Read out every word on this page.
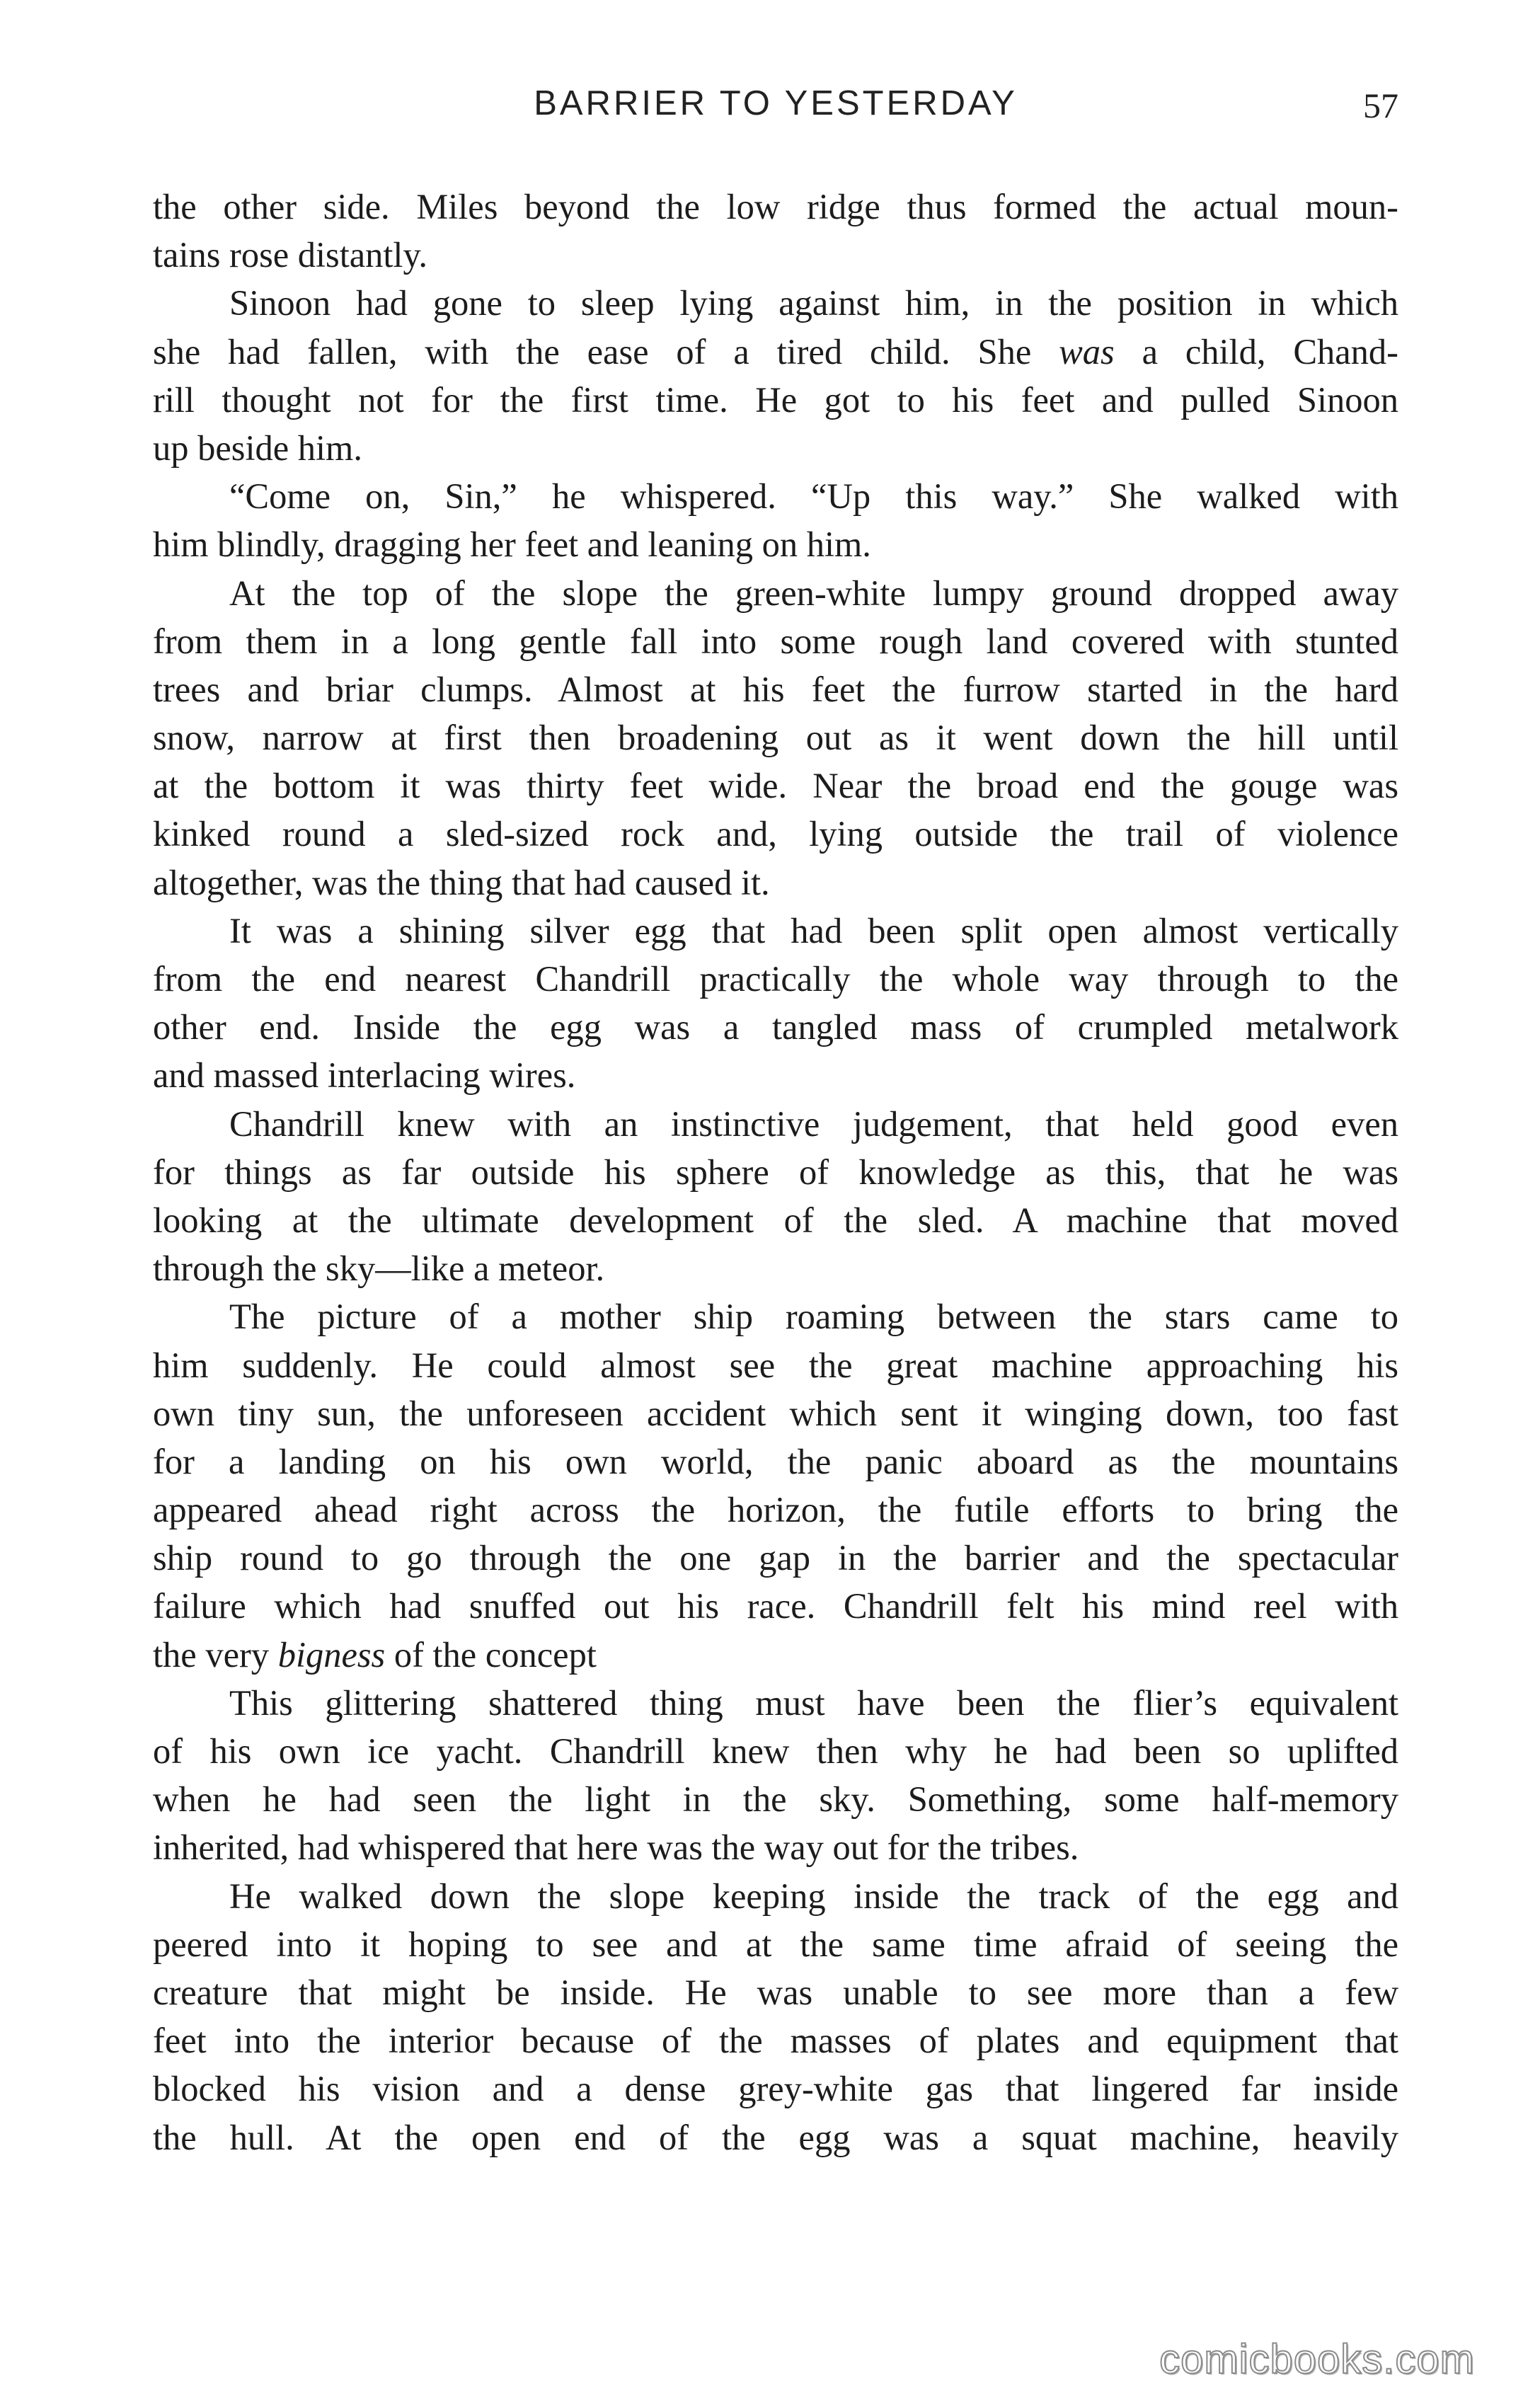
BARRIER TO YESTERDAY	57
the other side. Miles beyond the low ridge thus formed the actual moun-
tains rose distantly.
Sinoon had gone to sleep lying against him, in the position in which
she had fallen, with the ease of a tired child. She was a child, Chand-
rill thought not for the first time. He got to his feet and pulled Sinoon
up beside him.
“Come on, Sin,” he whispered. “Up this way.” She walked with
him blindly, dragging her feet and leaning on him.
At the top of the slope the green-white lumpy ground dropped away
from them in a long gentle fall into some rough land covered with stunted
trees and briar clumps. Almost at his feet the furrow started in the hard
snow, narrow at first then broadening out as it went down the hill until
at the bottom it was thirty feet wide. Near the broad end the gouge was
kinked round a sled-sized rock and, lying outside the trail of violence
altogether, was the thing that had caused it.
It was a shining silver egg that had been split open almost vertically
from the end nearest Chandrill practically the whole way through to the
other end. Inside the egg was a tangled mass of crumpled metalwork
and massed interlacing wires.
Chandrill knew with an instinctive judgement, that held good even
for things as far outside his sphere of knowledge as this, that he was
looking at the ultimate development of the sled. A machine that moved
through the sky—like a meteor.
The picture of a mother ship roaming between the stars came to
him suddenly. He could almost see the great machine approaching his
own tiny sun, the unforeseen accident which sent it winging down, too fast
for a landing on his own world, the panic aboard as the mountains
appeared ahead right across the horizon, the futile efforts to bring the
ship round to go through the one gap in the barrier and the spectacular
failure which had snuffed out his race. Chandrill felt his mind reel with
the very bigness of the concept
This glittering shattered thing must have been the flier’s equivalent
of his own ice yacht. Chandrill knew then why he had been so uplifted
when he had seen the light in the sky. Something, some half-memory
inherited, had whispered that here was the way out for the tribes.
He walked down the slope keeping inside the track of the egg and
peered into it hoping to see and at the same time afraid of seeing the
creature that might be inside. He was unable to see more than a few
feet into the interior because of the masses of plates and equipment that
blocked his vision and a dense grey-white gas that lingered far inside
the hull. At the open end of the egg was a squat machine, heavily
comicbooks.com
